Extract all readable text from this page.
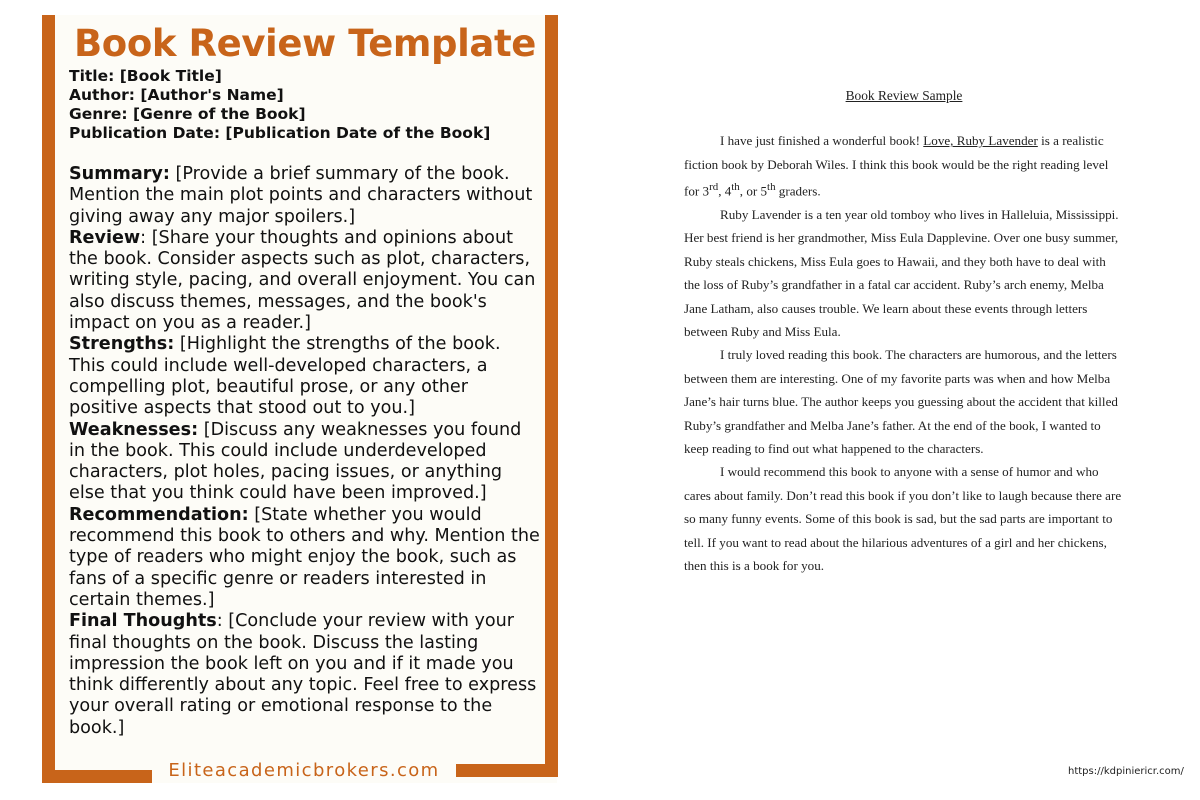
Book Review Template
Title: [Book Title]
Author: [Author's Name]
Genre: [Genre of the Book]
Publication Date: [Publication Date of the Book]

Summary: [Provide a brief summary of the book. Mention the main plot points and characters without giving away any major spoilers.]

Review: [Share your thoughts and opinions about the book. Consider aspects such as plot, characters, writing style, pacing, and overall enjoyment. You can also discuss themes, messages, and the book's impact on you as a reader.]

Strengths: [Highlight the strengths of the book. This could include well-developed characters, a compelling plot, beautiful prose, or any other positive aspects that stood out to you.]

Weaknesses: [Discuss any weaknesses you found in the book. This could include underdeveloped characters, plot holes, pacing issues, or anything else that you think could have been improved.]

Recommendation: [State whether you would recommend this book to others and why. Mention the type of readers who might enjoy the book, such as fans of a specific genre or readers interested in certain themes.]

Final Thoughts: [Conclude your review with your final thoughts on the book. Discuss the lasting impression the book left on you and if it made you think differently about any topic. Feel free to express your overall rating or emotional response to the book.]

Eliteacademicbrokers.com

Book Review Sample

I have just finished a wonderful book! Love, Ruby Lavender is a realistic fiction book by Deborah Wiles. I think this book would be the right reading level for 3rd, 4th, or 5th graders.

Ruby Lavender is a ten year old tomboy who lives in Halleluia, Mississippi. Her best friend is her grandmother, Miss Eula Dapplevine. Over one busy summer, Ruby steals chickens, Miss Eula goes to Hawaii, and they both have to deal with the loss of Ruby’s grandfather in a fatal car accident. Ruby’s arch enemy, Melba Jane Latham, also causes trouble. We learn about these events through letters between Ruby and Miss Eula.

I truly loved reading this book. The characters are humorous, and the letters between them are interesting. One of my favorite parts was when and how Melba Jane’s hair turns blue. The author keeps you guessing about the accident that killed Ruby’s grandfather and Melba Jane’s father. At the end of the book, I wanted to keep reading to find out what happened to the characters.

I would recommend this book to anyone with a sense of humor and who cares about family. Don’t read this book if you don’t like to laugh because there are so many funny events. Some of this book is sad, but the sad parts are important to tell. If you want to read about the hilarious adventures of a girl and her chickens, then this is a book for you.

https://kdpiniericr.com/
